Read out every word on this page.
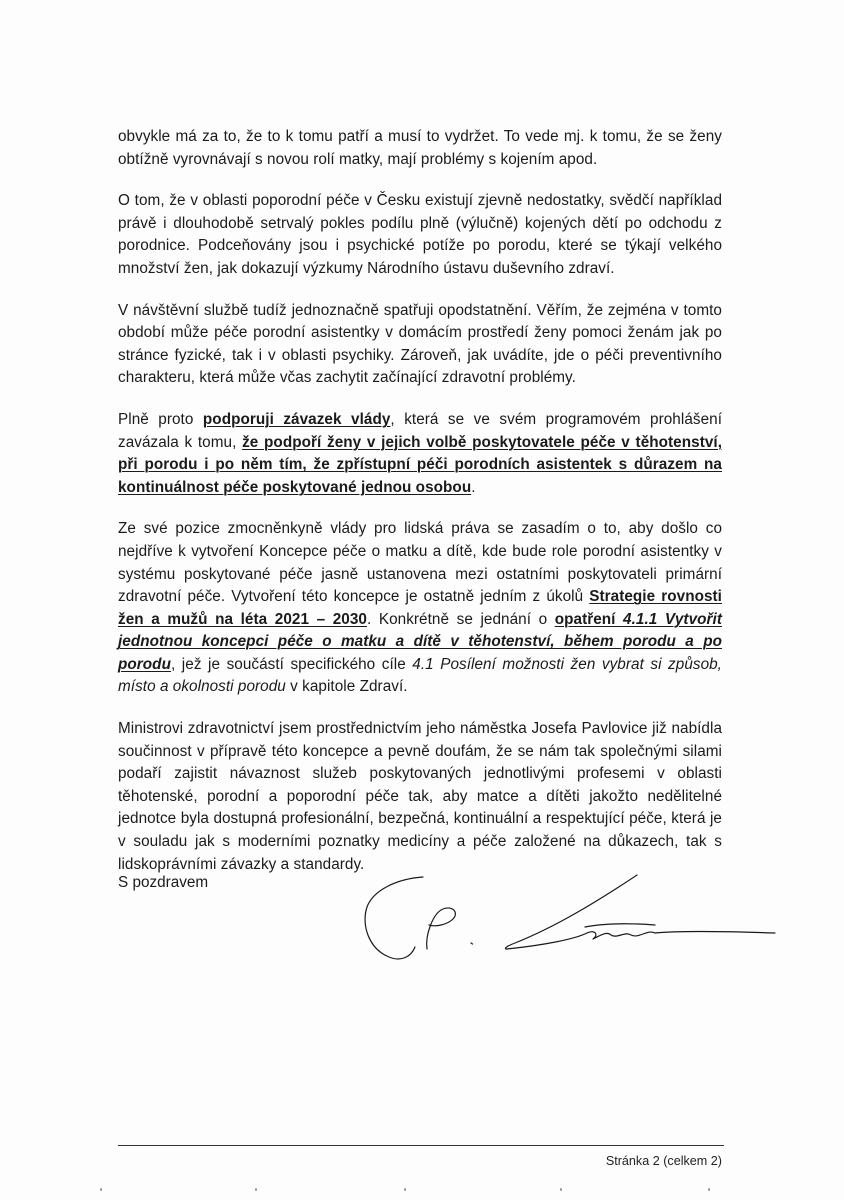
obvykle má za to, že to k tomu patří a musí to vydržet. To vede mj. k tomu, že se ženy obtížně vyrovnávají s novou rolí matky, mají problémy s kojením apod.

O tom, že v oblasti poporodní péče v Česku existují zjevně nedostatky, svědčí například právě i dlouhodobě setrvalý pokles podílu plně (výlučně) kojených dětí po odchodu z porodnice. Podceňovány jsou i psychické potíže po porodu, které se týkají velkého množství žen, jak dokazují výzkumy Národního ústavu duševního zdraví.

V návštěvní službě tudíž jednoznačně spatřuji opodstatnění. Věřím, že zejména v tomto období může péče porodní asistentky v domácím prostředí ženy pomoci ženám jak po stránce fyzické, tak i v oblasti psychiky. Zároveň, jak uvádíte, jde o péči preventivního charakteru, která může včas zachytit začínající zdravotní problémy.

Plně proto podporuji závazek vlády, která se ve svém programovém prohlášení zavázala k tomu, že podpoří ženy v jejich volbě poskytovatele péče v těhotenství, při porodu i po něm tím, že zpřístupní péči porodních asistentek s důrazem na kontinuálnost péče poskytované jednou osobou.

Ze své pozice zmocněnkyně vlády pro lidská práva se zasadím o to, aby došlo co nejdříve k vytvoření Koncepce péče o matku a dítě, kde bude role porodní asistentky v systému poskytované péče jasně ustanovena mezi ostatními poskytovateli primární zdravotní péče. Vytvoření této koncepce je ostatně jedním z úkolů Strategie rovnosti žen a mužů na léta 2021 – 2030. Konkrétně se jednání o opatření 4.1.1 Vytvořit jednotnou koncepci péče o matku a dítě v těhotenství, během porodu a po porodu, jež je součástí specifického cíle 4.1 Posílení možnosti žen vybrat si způsob, místo a okolnosti porodu v kapitole Zdraví.

Ministrovi zdravotnictví jsem prostřednictvím jeho náměstka Josefa Pavlovice již nabídla součinnost v přípravě této koncepce a pevně doufám, že se nám tak společnými silami podaří zajistit návaznost služeb poskytovaných jednotlivými profesemi v oblasti těhotenské, porodní a poporodní péče tak, aby matce a dítěti jakožto nedělitelné jednotce byla dostupná profesionální, bezpečná, kontinuální a respektující péče, která je v souladu jak s moderními poznatky medicíny a péče založené na důkazech, tak s lidskoprávními závazky a standardy.

S pozdravem
Stránka 2 (celkem 2)
